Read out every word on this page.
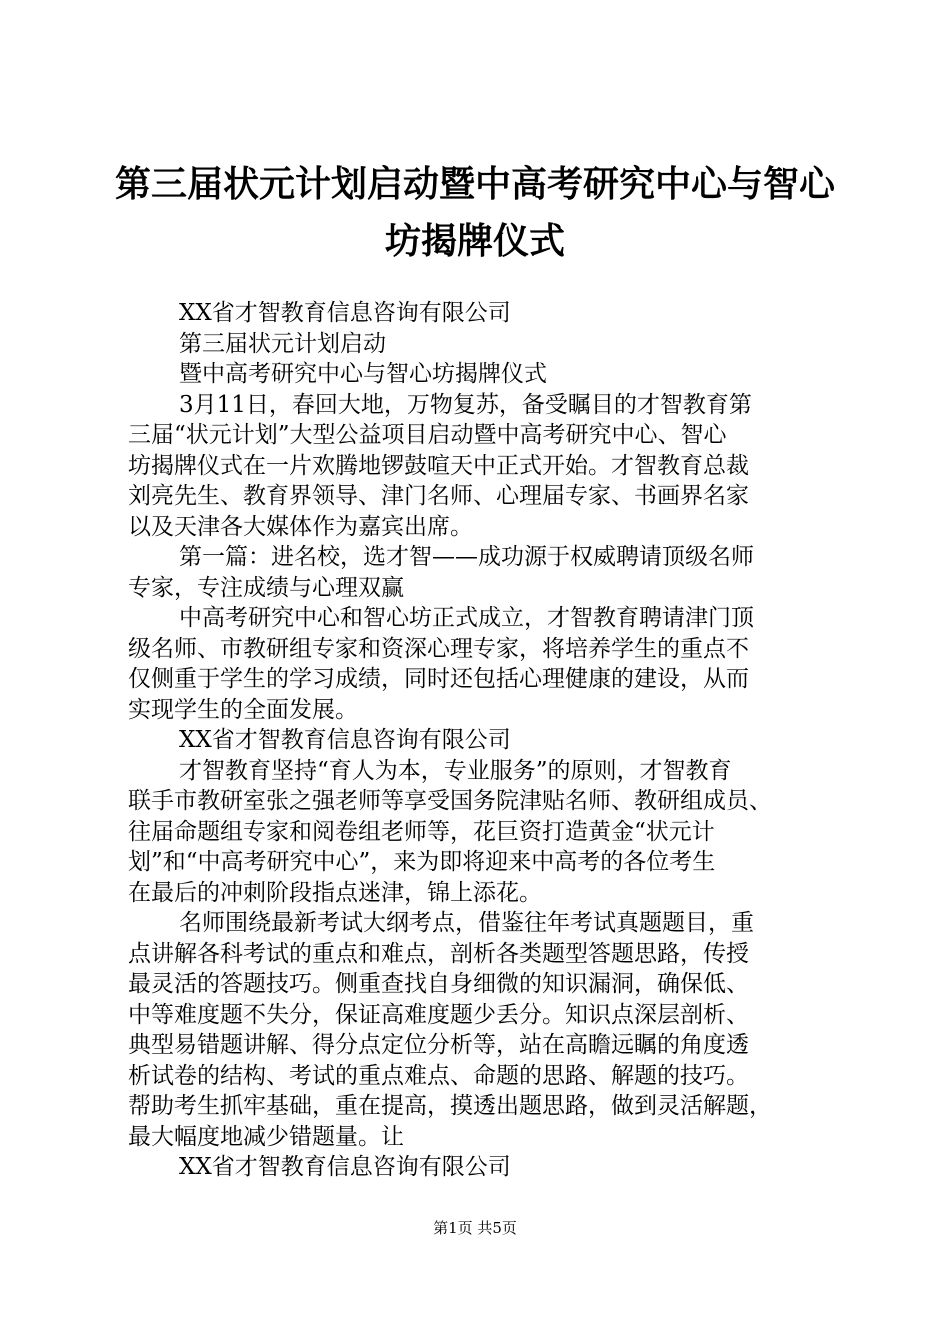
第三届状元计划启动暨中高考研究中心与智心
坊揭牌仪式
XX省才智教育信息咨询有限公司
第三届状元计划启动
暨中高考研究中心与智心坊揭牌仪式
3月11日，春回大地，万物复苏，备受瞩目的才智教育第
三届“状元计划”大型公益项目启动暨中高考研究中心、智心
坊揭牌仪式在一片欢腾地锣鼓喧天中正式开始。才智教育总裁
刘亮先生、教育界领导、津门名师、心理届专家、书画界名家
以及天津各大媒体作为嘉宾出席。
第一篇：进名校，选才智——成功源于权威聘请顶级名师
专家，专注成绩与心理双赢
中高考研究中心和智心坊正式成立，才智教育聘请津门顶
级名师、市教研组专家和资深心理专家，将培养学生的重点不
仅侧重于学生的学习成绩，同时还包括心理健康的建设，从而
实现学生的全面发展。
XX省才智教育信息咨询有限公司
才智教育坚持“育人为本，专业服务”的原则，才智教育
联手市教研室张之强老师等享受国务院津贴名师、教研组成员、
往届命题组专家和阅卷组老师等，花巨资打造黄金“状元计
划”和“中高考研究中心”，来为即将迎来中高考的各位考生
在最后的冲刺阶段指点迷津，锦上添花。
名师围绕最新考试大纲考点，借鉴往年考试真题题目，重
点讲解各科考试的重点和难点，剖析各类题型答题思路，传授
最灵活的答题技巧。侧重查找自身细微的知识漏洞，确保低、
中等难度题不失分，保证高难度题少丢分。知识点深层剖析、
典型易错题讲解、得分点定位分析等，站在高瞻远瞩的角度透
析试卷的结构、考试的重点难点、命题的思路、解题的技巧。
帮助考生抓牢基础，重在提高，摸透出题思路，做到灵活解题，
最大幅度地减少错题量。让
XX省才智教育信息咨询有限公司
第1页 共5页
